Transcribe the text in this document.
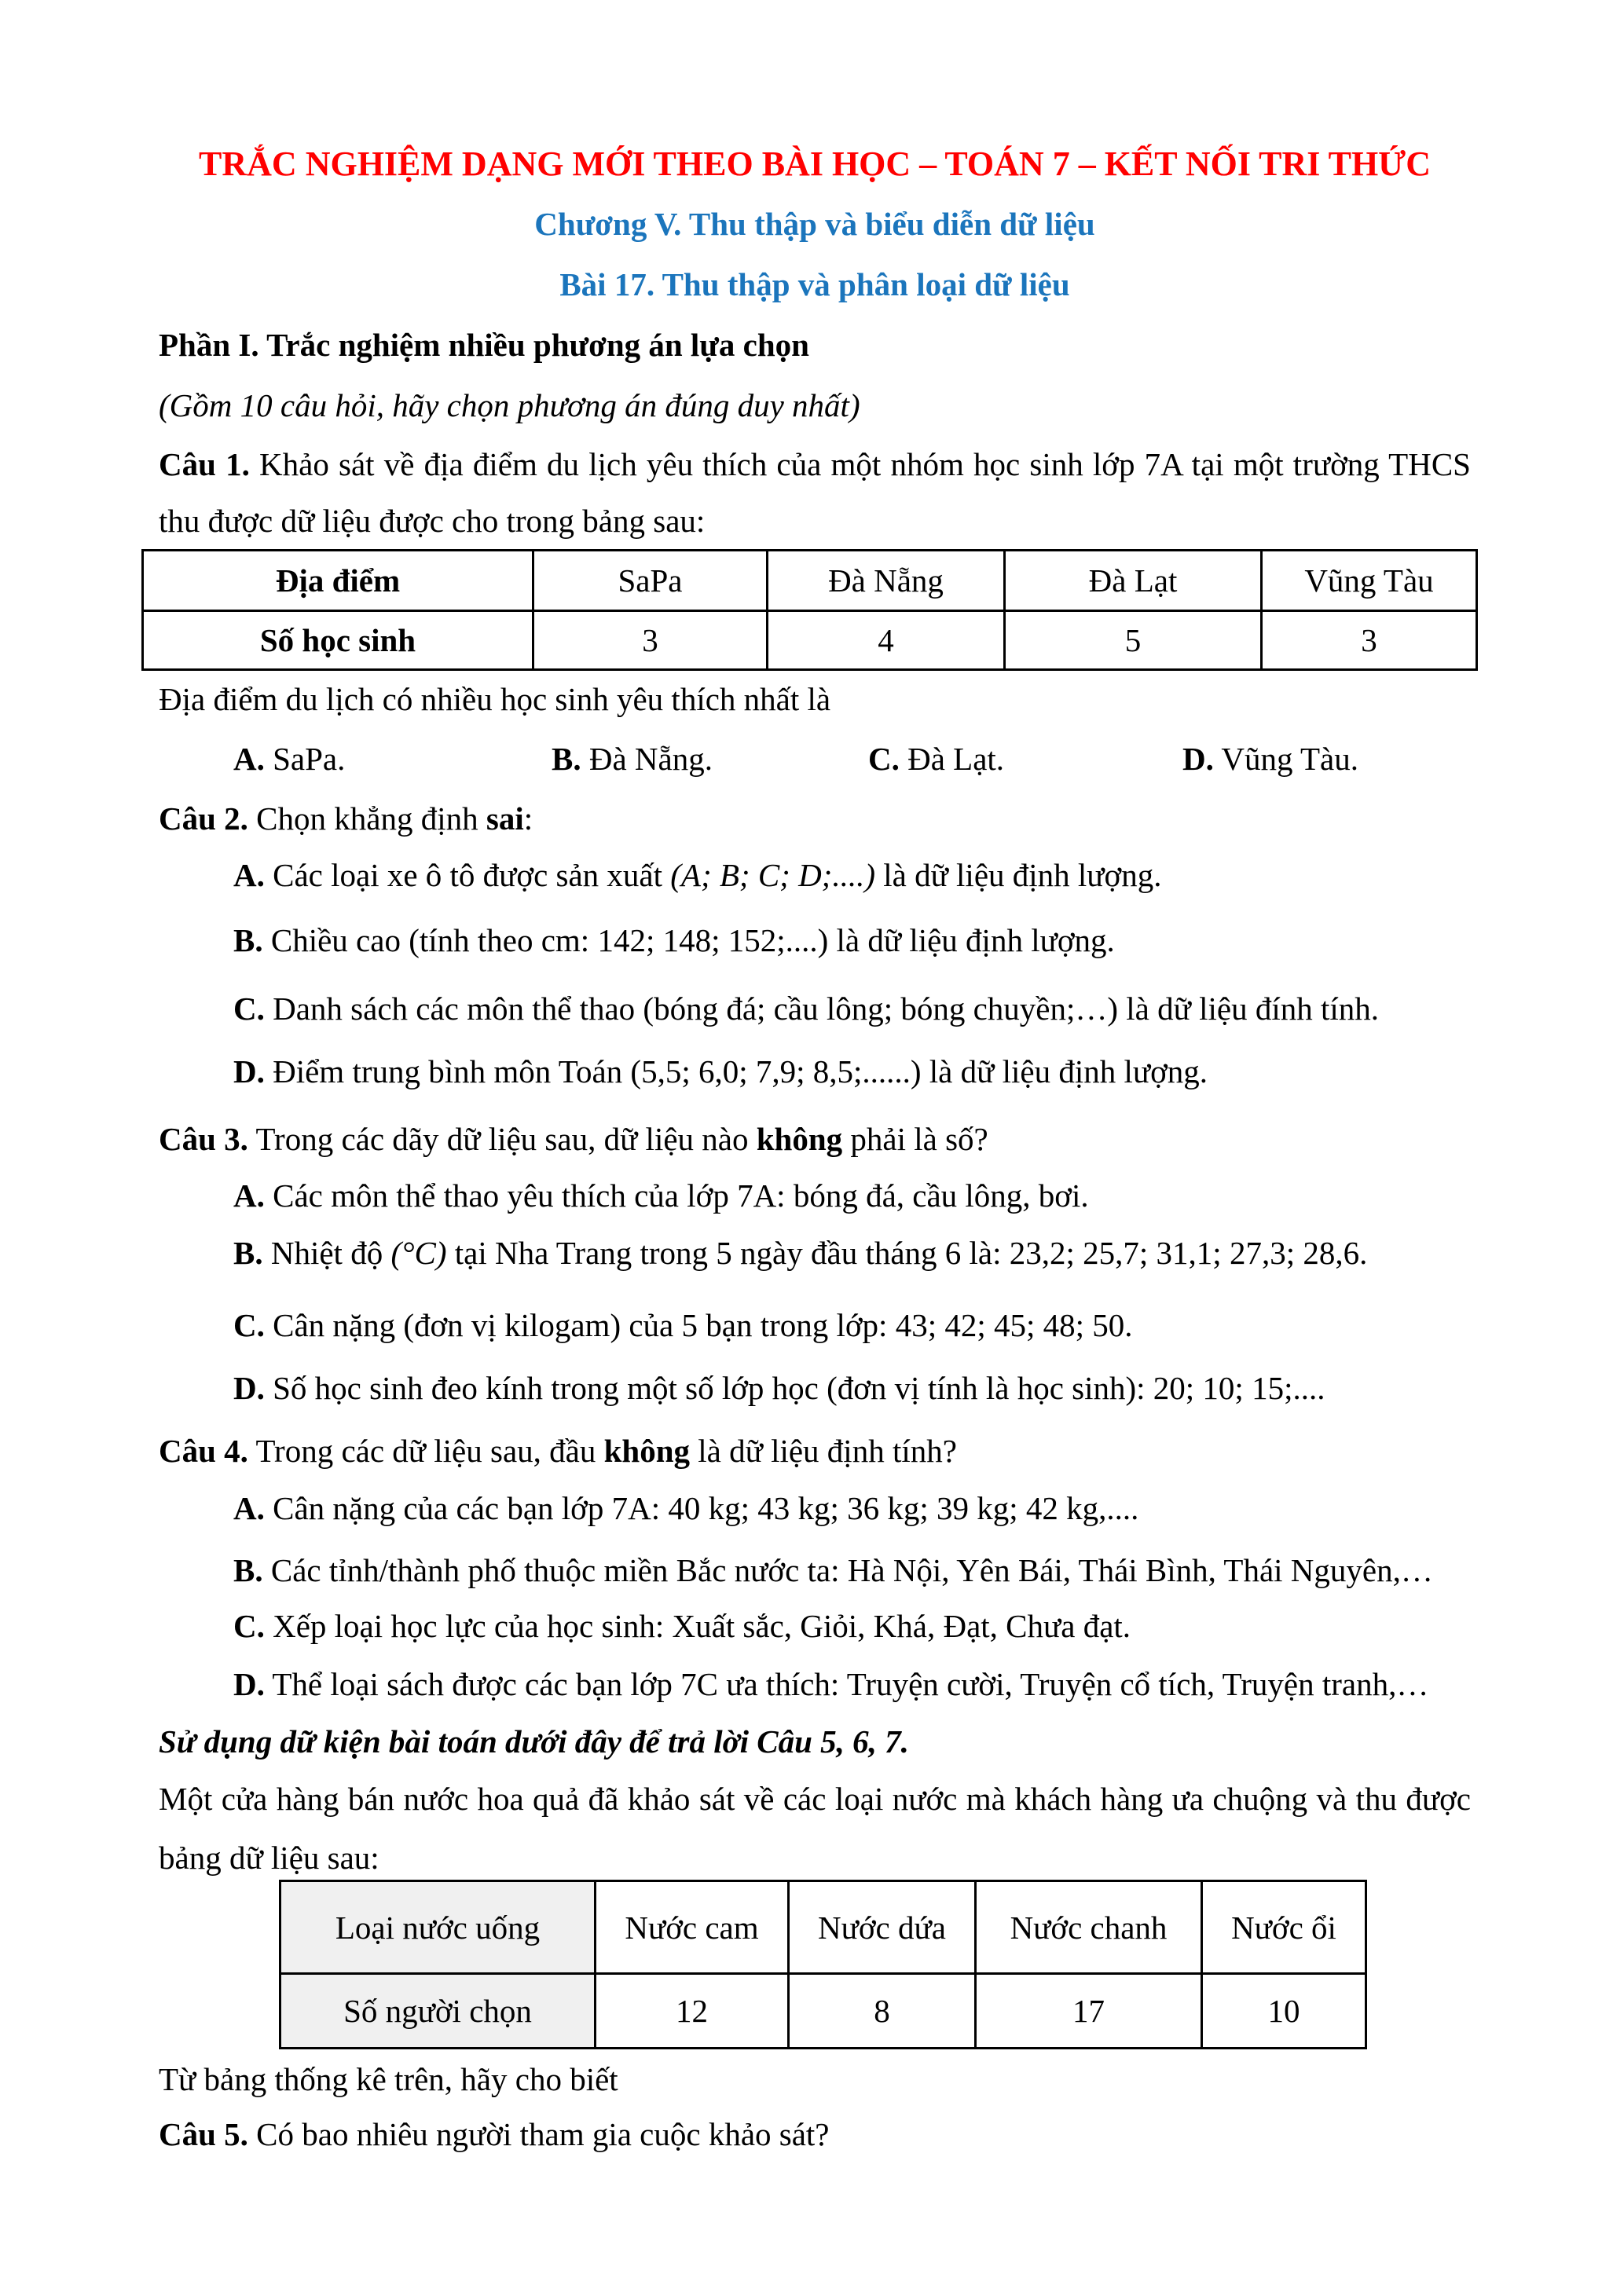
TRẮC NGHIỆM DẠNG MỚI THEO BÀI HỌC – TOÁN 7 – KẾT NỐI TRI THỨC

Chương V. Thu thập và biểu diễn dữ liệu

Bài 17. Thu thập và phân loại dữ liệu

Phần I. Trắc nghiệm nhiều phương án lựa chọn

(Gồm 10 câu hỏi, hãy chọn phương án đúng duy nhất)

Câu 1. Khảo sát về địa điểm du lịch yêu thích của một nhóm học sinh lớp 7A tại một trường THCS thu được dữ liệu được cho trong bảng sau:

Địa điểm	SaPa	Đà Nẵng	Đà Lạt	Vũng Tàu
Số học sinh	3	4	5	3

Địa điểm du lịch có nhiều học sinh yêu thích nhất là

A. SaPa.	B. Đà Nẵng.	C. Đà Lạt.	D. Vũng Tàu.

Câu 2. Chọn khẳng định sai:

A. Các loại xe ô tô được sản xuất (A; B; C; D;....) là dữ liệu định lượng.

B. Chiều cao (tính theo cm: 142; 148; 152;....) là dữ liệu định lượng.

C. Danh sách các môn thể thao (bóng đá; cầu lông; bóng chuyền;…) là dữ liệu đính tính.

D. Điểm trung bình môn Toán (5,5; 6,0; 7,9; 8,5;......) là dữ liệu định lượng.

Câu 3. Trong các dãy dữ liệu sau, dữ liệu nào không phải là số?

A. Các môn thể thao yêu thích của lớp 7A: bóng đá, cầu lông, bơi.

B. Nhiệt độ (°C) tại Nha Trang trong 5 ngày đầu tháng 6 là: 23,2; 25,7; 31,1; 27,3; 28,6.

C. Cân nặng (đơn vị kilogam) của 5 bạn trong lớp: 43; 42; 45; 48; 50.

D. Số học sinh đeo kính trong một số lớp học (đơn vị tính là học sinh): 20; 10; 15;....

Câu 4. Trong các dữ liệu sau, đầu không là dữ liệu định tính?

A. Cân nặng của các bạn lớp 7A: 40 kg; 43 kg; 36 kg; 39 kg; 42 kg,....

B. Các tỉnh/thành phố thuộc miền Bắc nước ta: Hà Nội, Yên Bái, Thái Bình, Thái Nguyên,…

C. Xếp loại học lực của học sinh: Xuất sắc, Giỏi, Khá, Đạt, Chưa đạt.

D. Thể loại sách được các bạn lớp 7C ưa thích: Truyện cười, Truyện cổ tích, Truyện tranh,…

Sử dụng dữ kiện bài toán dưới đây để trả lời Câu 5, 6, 7.

Một cửa hàng bán nước hoa quả đã khảo sát về các loại nước mà khách hàng ưa chuộng và thu được bảng dữ liệu sau:

Loại nước uống	Nước cam	Nước dứa	Nước chanh	Nước ổi
Số người chọn	12	8	17	10

Từ bảng thống kê trên, hãy cho biết

Câu 5. Có bao nhiêu người tham gia cuộc khảo sát?
